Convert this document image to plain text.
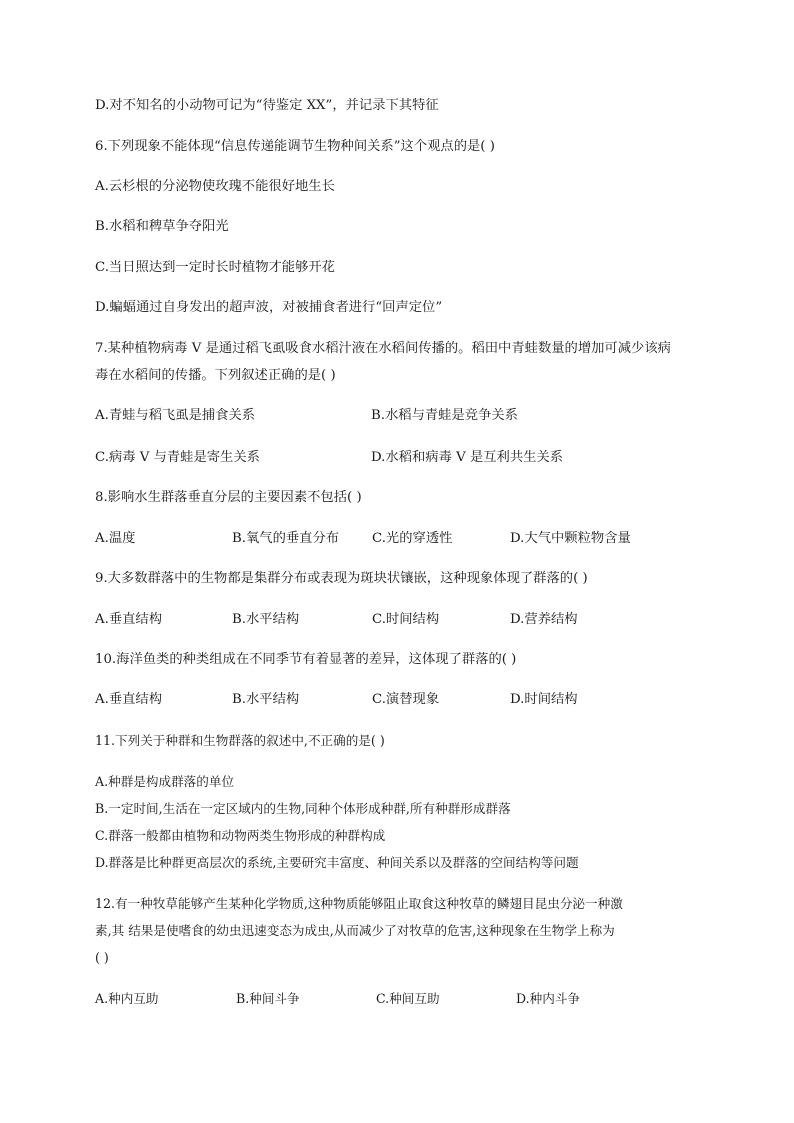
D.对不知名的小动物可记为“待鉴定 XX”，并记录下其特征
6.下列现象不能体现“信息传递能调节生物种间关系”这个观点的是( )
A.云杉根的分泌物使玫瑰不能很好地生长
B.水稻和稗草争夺阳光
C.当日照达到一定时长时植物才能够开花
D.蝙蝠通过自身发出的超声波，对被捕食者进行“回声定位”
7.某种植物病毒 V 是通过稻飞虱吸食水稻汁液在水稻间传播的。稻田中青蛙数量的增加可减少该病
毒在水稻间的传播。下列叙述正确的是( )
A.青蛙与稻飞虱是捕食关系	B.水稻与青蛙是竞争关系
C.病毒 V 与青蛙是寄生关系	D.水稻和病毒 V 是互利共生关系
8.影响水生群落垂直分层的主要因素不包括( )
A.温度	B.氧气的垂直分布 C.光的穿透性	D.大气中颗粒物含量
9.大多数群落中的生物都是集群分布或表现为斑块状镶嵌，这种现象体现了群落的( )
A.垂直结构	B.水平结构	C.时间结构	D.营养结构
10.海洋鱼类的种类组成在不同季节有着显著的差异，这体现了群落的( )
A.垂直结构	B.水平结构	C.演替现象	D.时间结构
11.下列关于种群和生物群落的叙述中,不正确的是( )
A.种群是构成群落的单位
B.一定时间,生活在一定区域内的生物,同种个体形成种群,所有种群形成群落
C.群落一般都由植物和动物两类生物形成的种群构成
D.群落是比种群更高层次的系统,主要研究丰富度、种间关系以及群落的空间结构等问题
12.有一种牧草能够产生某种化学物质,这种物质能够阻止取食这种牧草的鳞翅目昆虫分泌一种激
素,其 结果是使嗜食的幼虫迅速变态为成虫,从而减少了对牧草的危害,这种现象在生物学上称为
( )
A.种内互助	B.种间斗争	C.种间互助	D.种内斗争
